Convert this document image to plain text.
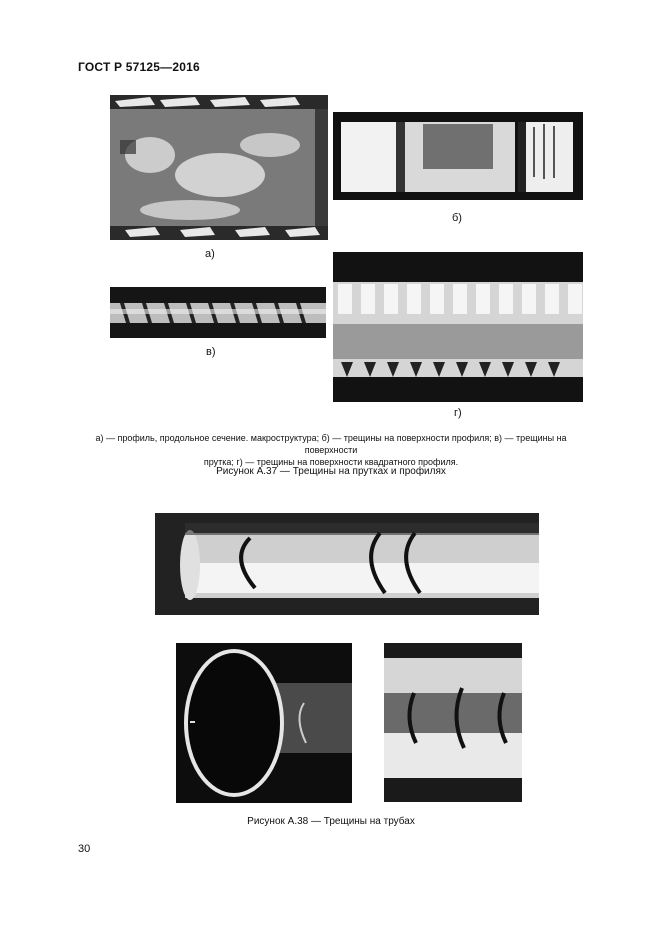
ГОСТ Р 57125—2016
а)
б)
в)
г)
а) — профиль, продольное сечение. макроструктура; б) — трещины на поверхности профиля; в) — трещины на поверхности
прутка; г) — трещины на поверхности квадратного профиля.
Рисунок А.37 — Трещины на прутках и профилях
Рисунок А.38 — Трещины на трубах
30
